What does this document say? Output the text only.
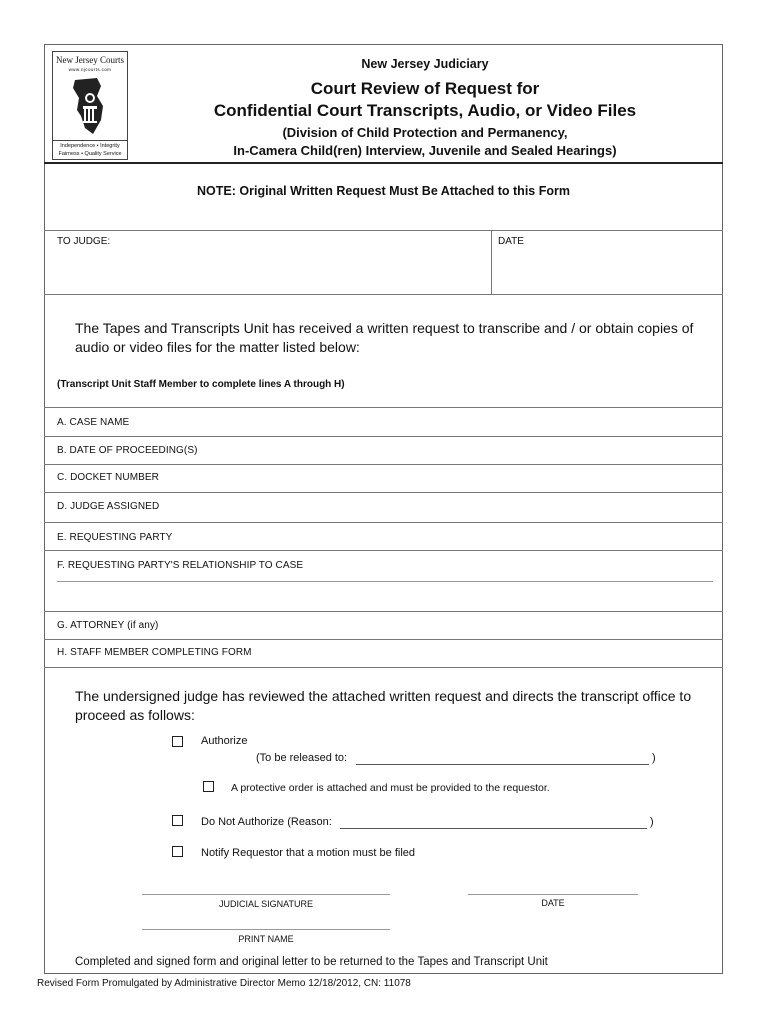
New Jersey Courts
www.njcourts.com
Independence • Integrity
Fairness • Quality Service
New Jersey Judiciary
Court Review of Request for
Confidential Court Transcripts, Audio, or Video Files
(Division of Child Protection and Permanency,
In-Camera Child(ren) Interview, Juvenile and Sealed Hearings)
NOTE: Original Written Request Must Be Attached to this Form
TO JUDGE:	DATE
The Tapes and Transcripts Unit has received a written request to transcribe and / or obtain copies of
audio or video files for the matter listed below:
(Transcript Unit Staff Member to complete lines A through H)
A. CASE NAME
B. DATE OF PROCEEDING(S)
C. DOCKET NUMBER
D. JUDGE ASSIGNED
E. REQUESTING PARTY
F. REQUESTING PARTY'S RELATIONSHIP TO CASE
G. ATTORNEY (if any)
H. STAFF MEMBER COMPLETING FORM
The undersigned judge has reviewed the attached written request and directs the transcript office to
proceed as follows:
Authorize
(To be released to:	)
A protective order is attached and must be provided to the requestor.
Do Not Authorize (Reason:	)
Notify Requestor that a motion must be filed
JUDICIAL SIGNATURE	DATE
PRINT NAME
Completed and signed form and original letter to be returned to the Tapes and Transcript Unit
Revised Form Promulgated by Administrative Director Memo 12/18/2012, CN: 11078
